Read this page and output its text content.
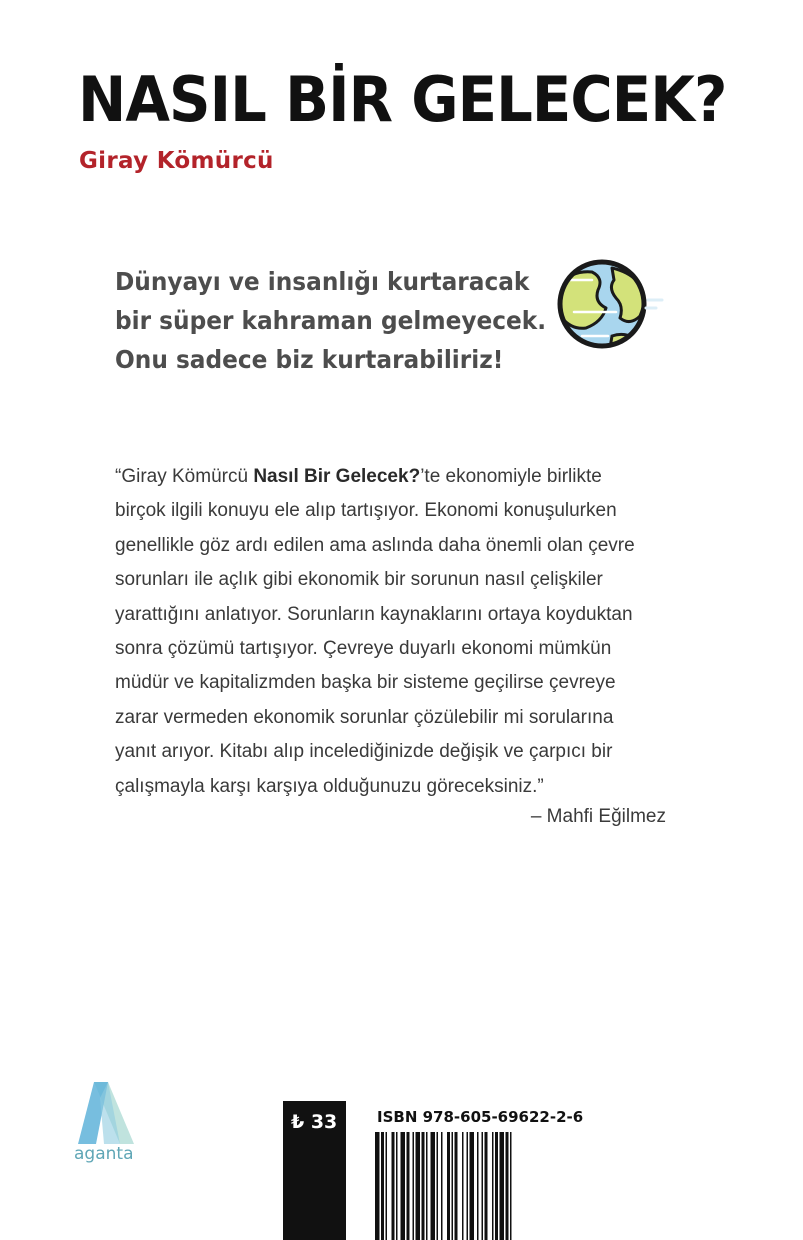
NASIL BİR GELECEK?
Giray Kömürcü
Dünyayı ve insanlığı kurtaracak
bir süper kahraman gelmeyecek.
Onu sadece biz kurtarabiliriz!
“Giray Kömürcü Nasıl Bir Gelecek?’te ekonomiyle birlikte
birçok ilgili konuyu ele alıp tartışıyor. Ekonomi konuşulurken
genellikle göz ardı edilen ama aslında daha önemli olan çevre
sorunları ile açlık gibi ekonomik bir sorunun nasıl çelişkiler
yarattığını anlatıyor. Sorunların kaynaklarını ortaya koyduktan
sonra çözümü tartışıyor. Çevreye duyarlı ekonomi mümkün
müdür ve kapitalizmden başka bir sisteme geçilirse çevreye
zarar vermeden ekonomik sorunlar çözülebilir mi sorularına
yanıt arıyor. Kitabı alıp incelediğinizde değişik ve çarpıcı bir
çalışmayla karşı karşıya olduğunuzu göreceksiniz.”
– Mahfi Eğilmez
aganta
₺ 33	ISBN 978-605-69622-2-6
